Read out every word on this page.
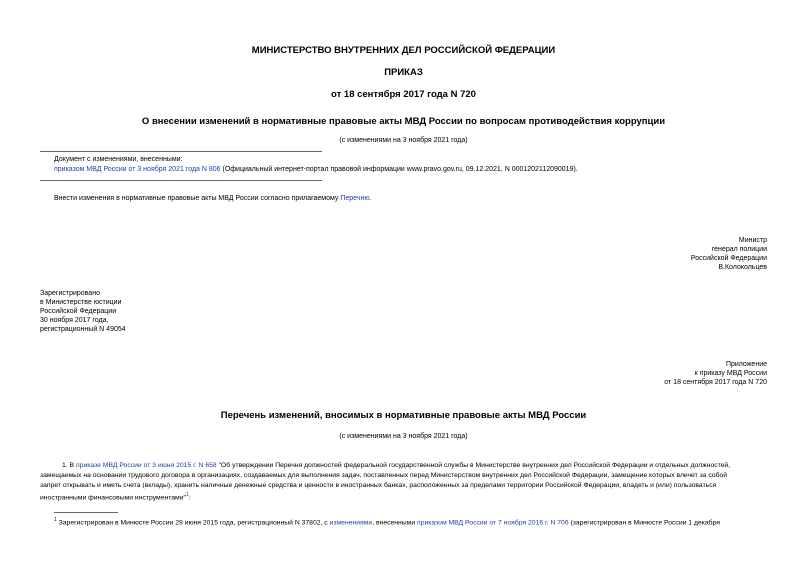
МИНИСТЕРСТВО ВНУТРЕННИХ ДЕЛ РОССИЙСКОЙ ФЕДЕРАЦИИ
ПРИКАЗ
от 18 сентября 2017 года N 720
О внесении изменений в нормативные правовые акты МВД России по вопросам противодействия коррупции
(с изменениями на 3 ноября 2021 года)
Документ с изменениями, внесенными:
приказом МВД России от 3 ноября 2021 года N 806 (Официальный интернет-портал правовой информации www.pravo.gov.ru, 09.12.2021, N 0001202112090019).
Внести изменения в нормативные правовые акты МВД России согласно прилагаемому Перечню.
Министр
генерал полиции
Российской Федерации
В.Колокольцев
Зарегистрировано
в Министерстве юстиции
Российской Федерации
30 ноября 2017 года,
регистрационный N 49054
Приложение
к приказу МВД России
от 18 сентября 2017 года N 720
Перечень изменений, вносимых в нормативные правовые акты МВД России
(с изменениями на 3 ноября 2021 года)
1. В приказе МВД России от 3 июня 2015 г. N 658 "Об утверждении Перечня должностей федеральной государственной службы в Министерстве внутренних дел Российской Федерации и отдельных должностей,
замещаемых на основании трудового договора в организациях, создаваемых для выполнения задач, поставленных перед Министерством внутренних дел Российской Федерации, замещение которых влечет за собой
запрет открывать и иметь счета (вклады), хранить наличные денежные средства и ценности в иностранных банках, расположенных за пределами территории Российской Федерации, владеть и (или) пользоваться
иностранными финансовыми инструментами"$^1$:
$^1$ Зарегистрирован в Минюсте России 29 июня 2015 года, регистрационный N 37802, с изменениями, внесенными приказом МВД России от 7 ноября 2016 г. N 706 (зарегистрирован в Минюсте России 1 декабря
